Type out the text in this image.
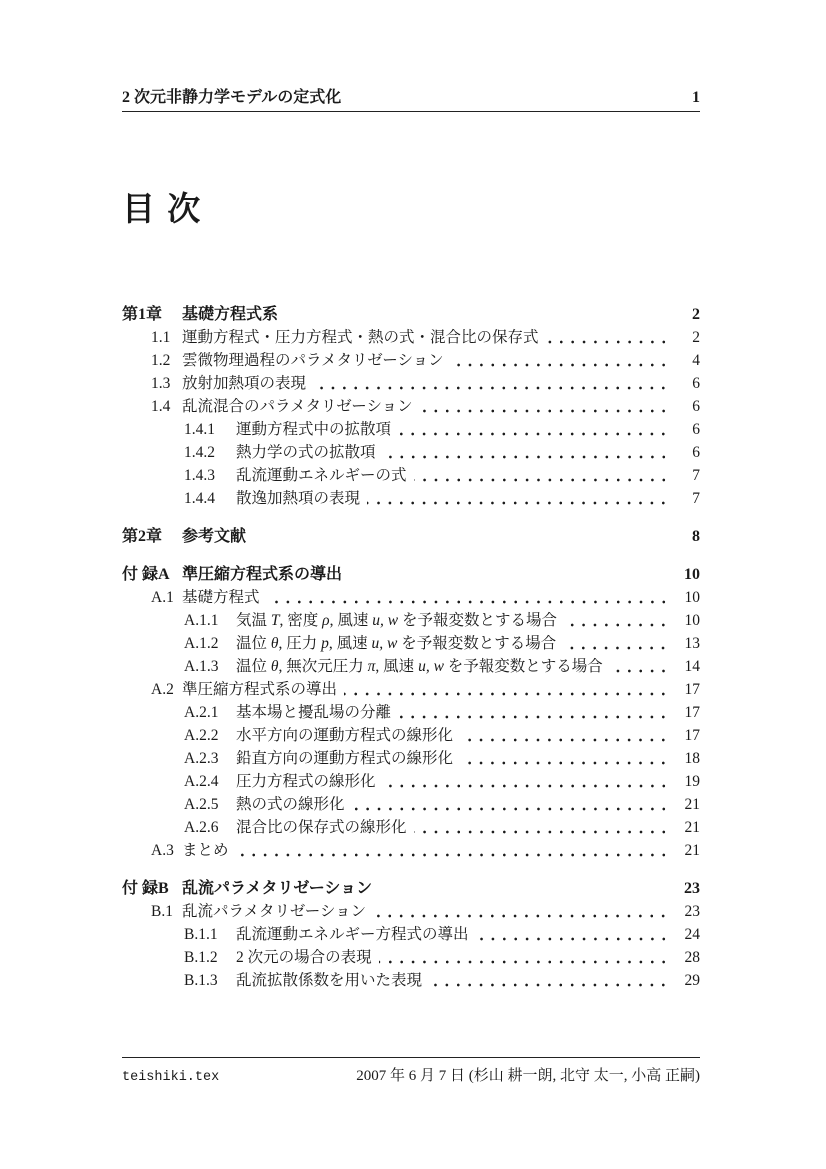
2 次元非静力学モデルの定式化	1
目 次
第1章	基礎方程式系	2
1.1 運動方程式・圧力方程式・熱の式・混合比の保存式	2
1.2 雲微物理過程のパラメタリゼーション	4
1.3 放射加熱項の表現	6
1.4 乱流混合のパラメタリゼーション	6
1.4.1	運動方程式中の拡散項	6
1.4.2	熱力学の式の拡散項	6
1.4.3	乱流運動エネルギーの式	7
1.4.4	散逸加熱項の表現	7
第2章	参考文献	8
付 録A 準圧縮方程式系の導出	10
A.1 基礎方程式	10
A.1.1	気温 T, 密度 ρ, 風速 u, w を予報変数とする場合	10
A.1.2	温位 θ, 圧力 p, 風速 u, w を予報変数とする場合	13
A.1.3	温位 θ, 無次元圧力 π, 風速 u, w を予報変数とする場合	14
A.2 準圧縮方程式系の導出	17
A.2.1	基本場と擾乱場の分離	17
A.2.2	水平方向の運動方程式の線形化	17
A.2.3	鉛直方向の運動方程式の線形化	18
A.2.4	圧力方程式の線形化	19
A.2.5	熱の式の線形化	21
A.2.6	混合比の保存式の線形化	21
A.3 まとめ	21
付 録B 乱流パラメタリゼーション	23
B.1 乱流パラメタリゼーション	23
B.1.1	乱流運動エネルギー方程式の導出	24
B.1.2	2 次元の場合の表現	28
B.1.3	乱流拡散係数を用いた表現	29
teishiki.tex	2007 年 6 月 7 日 (杉山 耕一朗, 北守 太一, 小高 正嗣)
